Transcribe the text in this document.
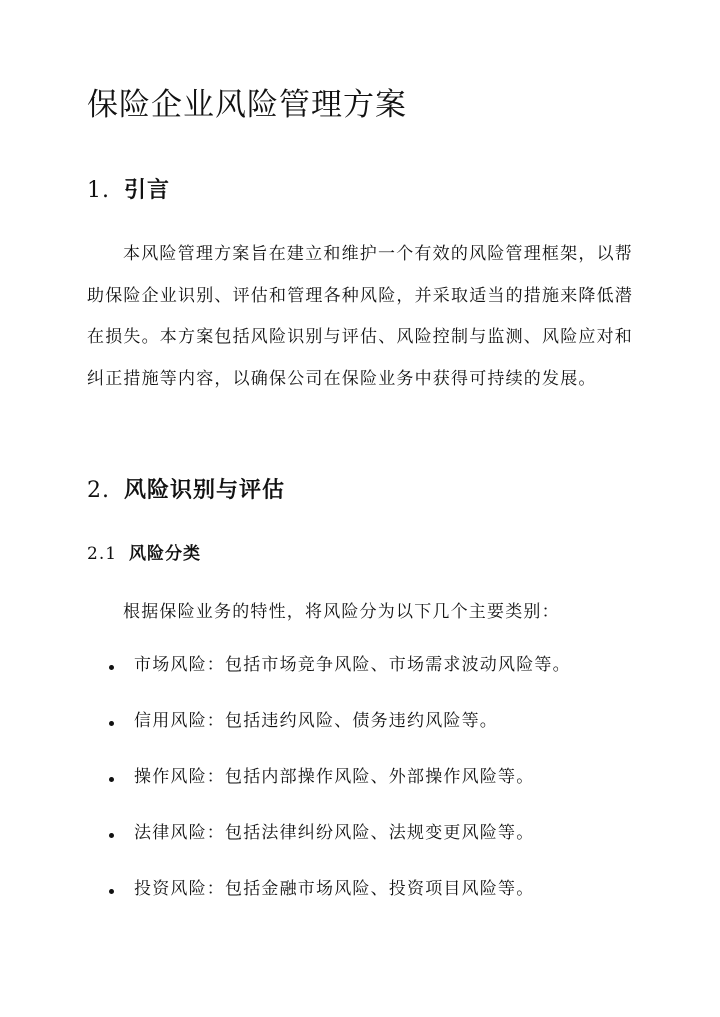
保险企业风险管理方案
1. 引言

本风险管理方案旨在建立和维护一个有效的风险管理框架，以帮助保险企业识别、评估和管理各种风险，并采取适当的措施来降低潜在损失。本方案包括风险识别与评估、风险控制与监测、风险应对和纠正措施等内容，以确保公司在保险业务中获得可持续的发展。

2. 风险识别与评估
2.1 风险分类

根据保险业务的特性，将风险分为以下几个主要类别：

市场风险：包括市场竞争风险、市场需求波动风险等。
信用风险：包括违约风险、债务违约风险等。
操作风险：包括内部操作风险、外部操作风险等。
法律风险：包括法律纠纷风险、法规变更风险等。
投资风险：包括金融市场风险、投资项目风险等。
